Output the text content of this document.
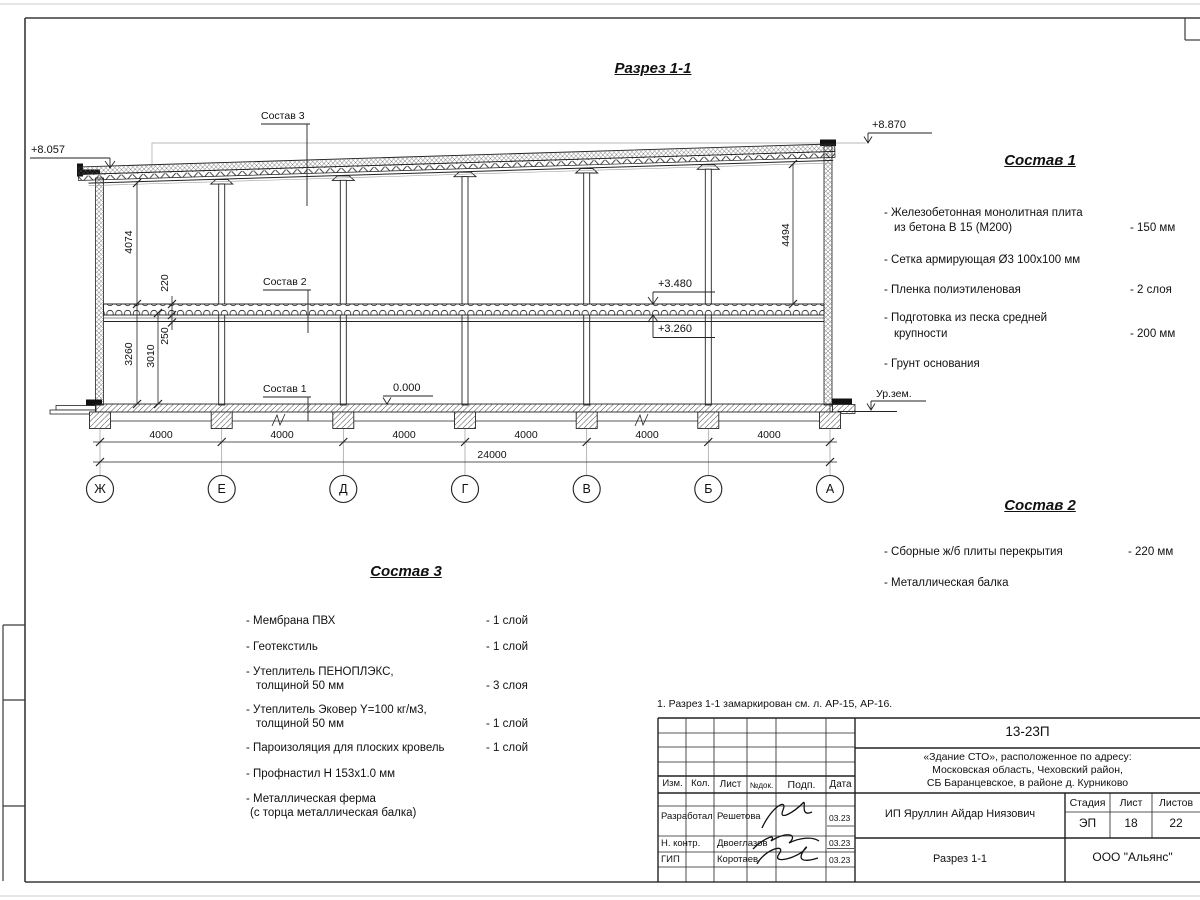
Разрез 1-1
+8.057
+8.870
+3.480
+3.260
0.000	Ур.зем.
4074
3260 3010
220
250
4494
4000	4000	4000	4000	4000	4000
24000
Ж	Е	Д	Г	В	Б	А
Состав 3
Состав 2
Состав 1
Состав 1
- Железобетонная монолитная плита
из бетона В 15 (М200)	- 150 мм
- Сетка армирующая Ø3 100х100 мм
- Пленка полиэтиленовая	- 2 слоя
- Подготовка из песка средней
крупности	- 200 мм
- Грунт основания
Состав 2
- Сборные ж/б плиты перекрытия	- 220 мм
- Металлическая балка
Состав 3
- Мембрана ПВХ	- 1 слой
- Геотекстиль	- 1 слой
- Утеплитель ПЕНОПЛЭКС,
толщиной 50 мм	- 3 слоя
- Утеплитель Эковер Y=100 кг/м3,
толщиной 50 мм	- 1 слой
- Пароизоляция для плоских кровель	- 1 слой
- Профнастил Н 153х1.0 мм
- Металлическая ферма
(с торца металлическая балка)
1. Разрез 1-1 замаркирован см. л. АР-15, АР-16.
13-23П
«Здание СТО», расположенное по адресу:
Московская область, Чеховский район,
СБ Баранцевское, в районе д. Курниково
Изм. Кол. Лист	№док.	Подп.	Дата
Разработал Решетова	03.23
Н. контр. Двоеглазов	03.23
ГИП	Коротаев	03.23
ИП Яруллин Айдар Ниязович
Стадия	Лист	Листов
ЭП	18	22
Разрез 1-1	ООО "Альянс"
